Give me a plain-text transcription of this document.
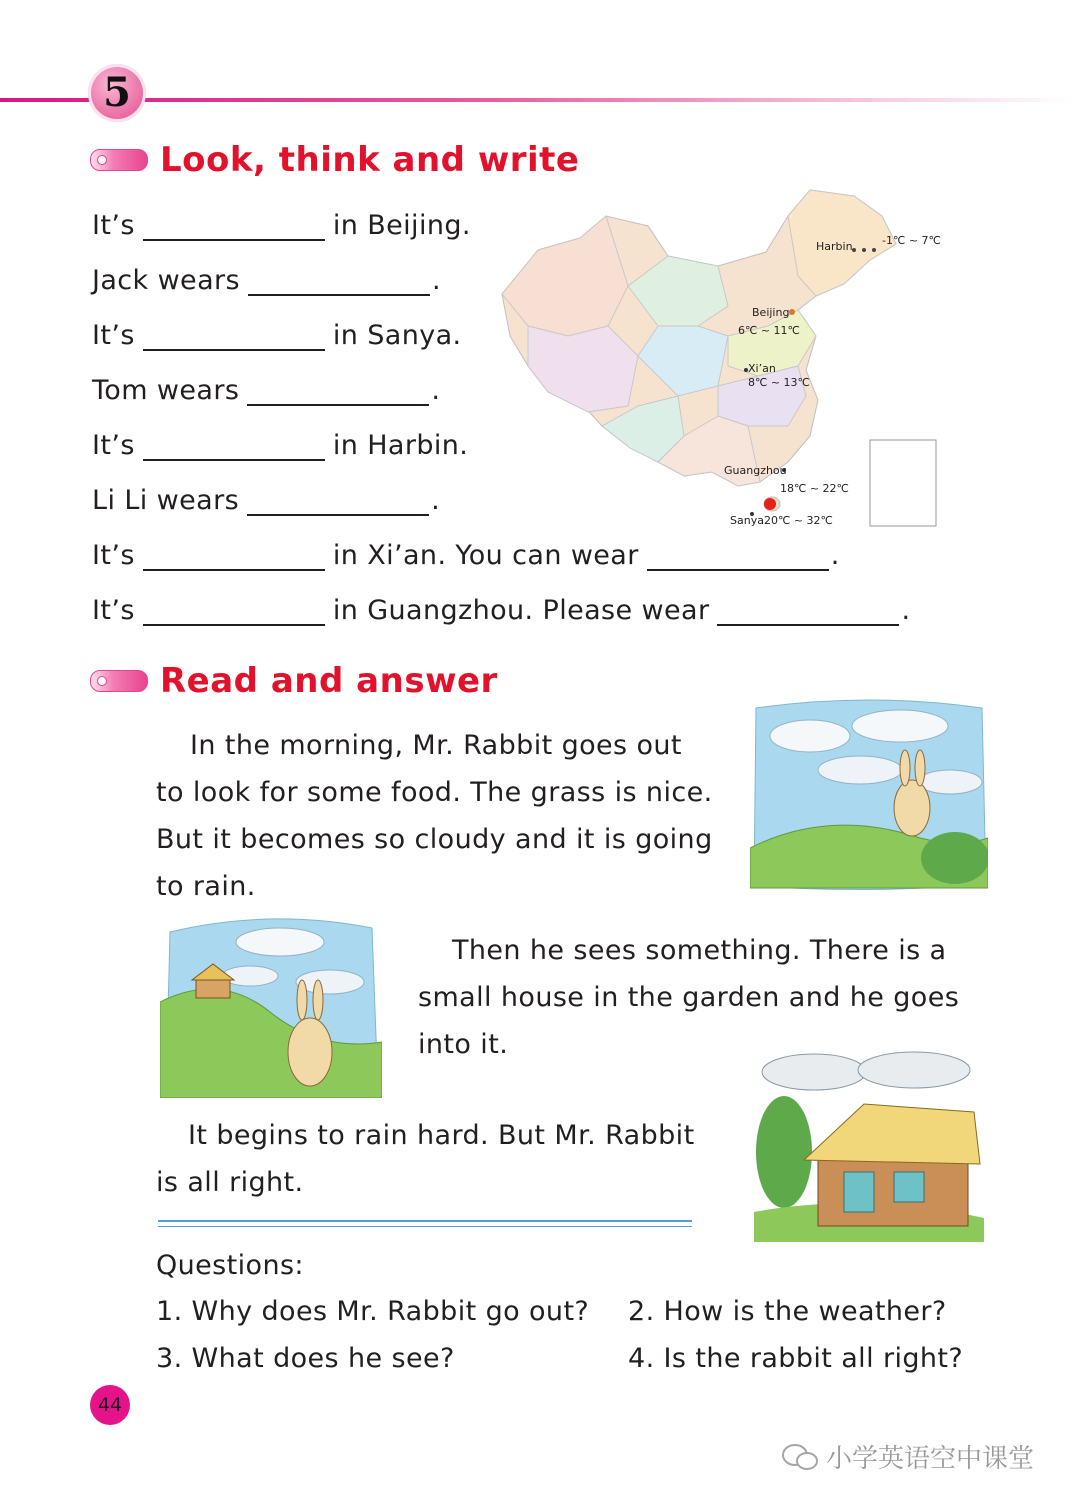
5
Look, think and write
It’s	in Beijing.
Jack wears	.
It’s	in Sanya.
Tom wears	.
It’s	in Harbin.
Li Li wears	.
It’s	in Xi’an. You can wear	.
It’s	in Guangzhou. Please wear	.
Harbin	-1℃ ~ 7℃
Beijing
6℃ ~ 11℃
Xi’an
8℃ ~ 13℃
Guangzhou
18℃ ~ 22℃
Sanya 20℃ ~ 32℃
Read and answer
In the morning, Mr. Rabbit goes out
to look for some food. The grass is nice.
But it becomes so cloudy and it is going
to rain.
Then he sees something. There is a
small house in the garden and he goes
into it.
It begins to rain hard. But Mr. Rabbit
is all right.
Questions:
1. Why does Mr. Rabbit go out? 2. How is the weather?
3. What does he see?	4. Is the rabbit all right?
44
小学英语空中课堂
